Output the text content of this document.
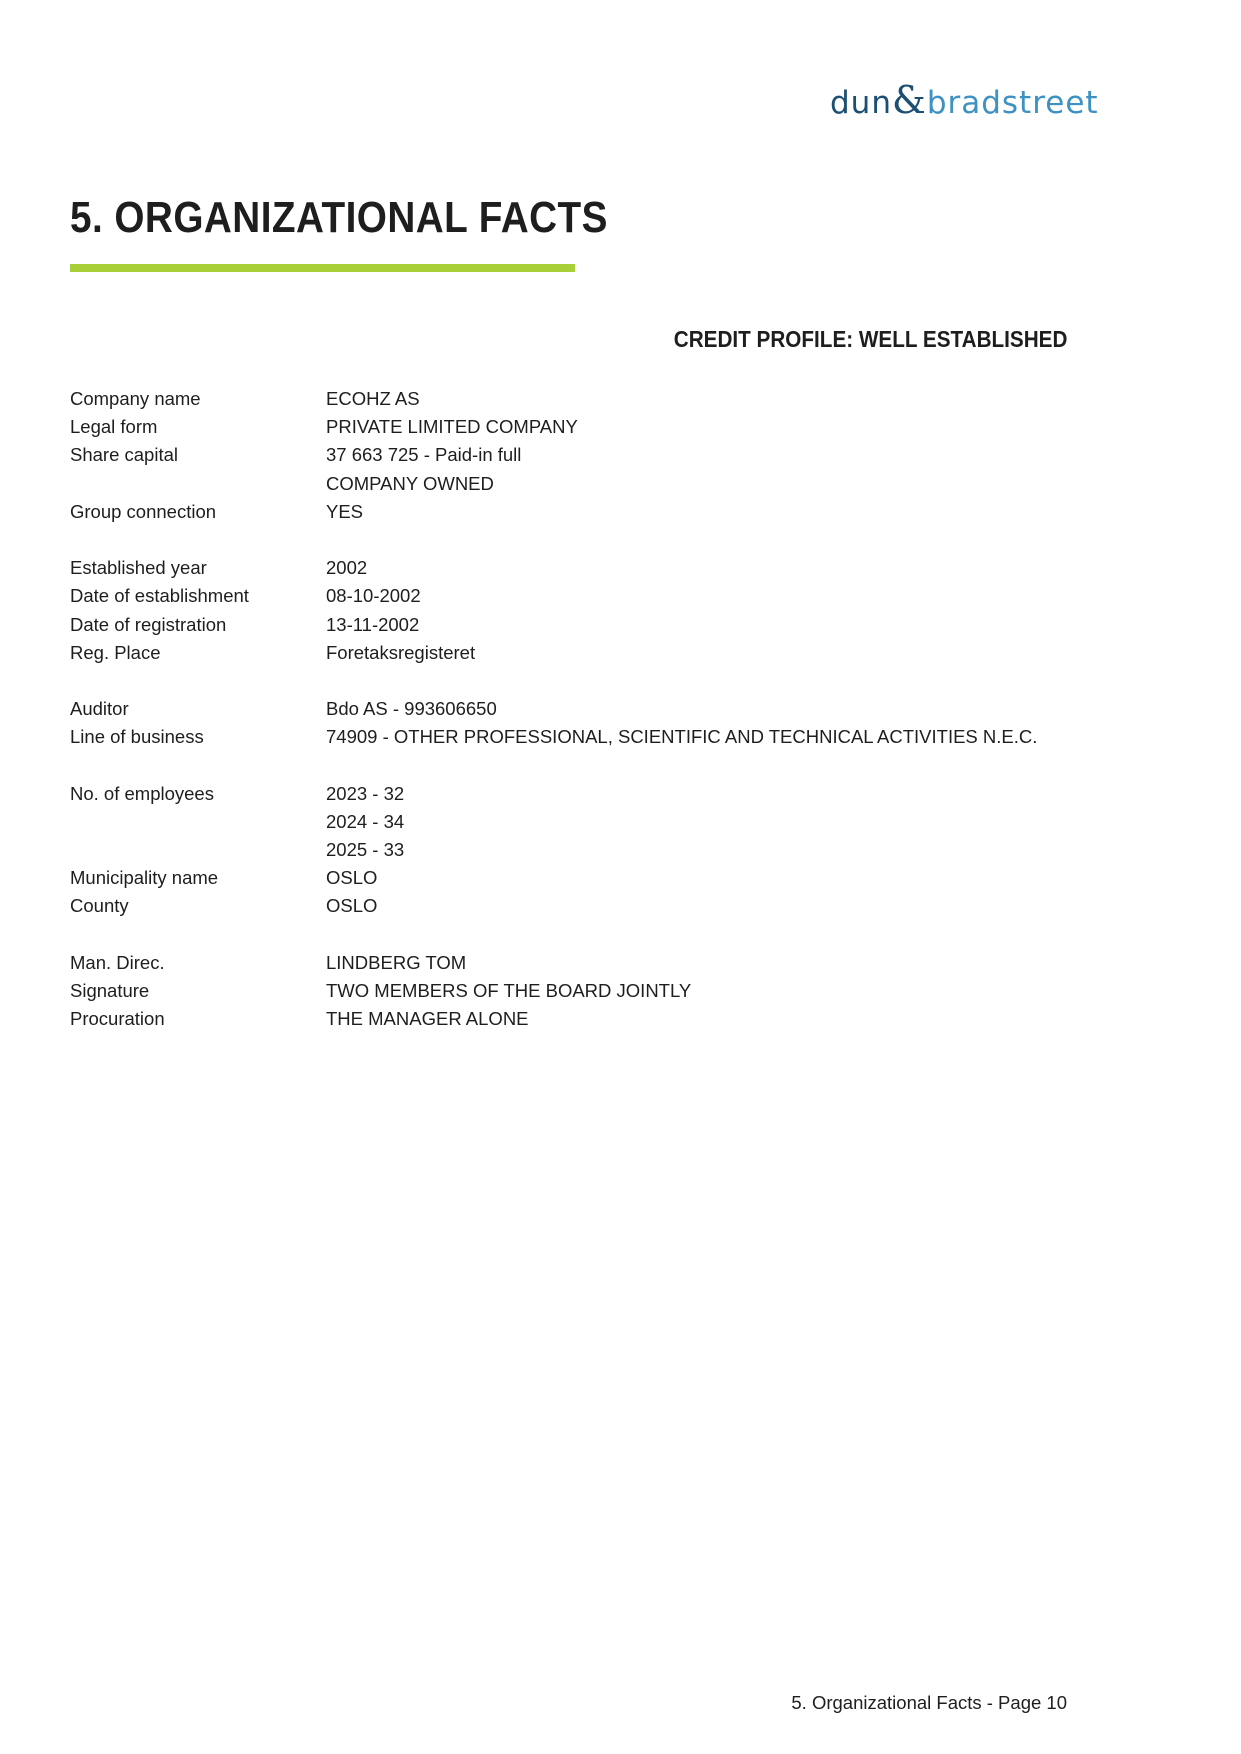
dun&bradstreet
5. ORGANIZATIONAL FACTS
CREDIT PROFILE: WELL ESTABLISHED
Company name	ECOHZ AS
Legal form	PRIVATE LIMITED COMPANY
Share capital	37 663 725 - Paid-in full
COMPANY OWNED
Group connection	YES
Established year	2002
Date of establishment	08-10-2002
Date of registration	13-11-2002
Reg. Place	Foretaksregisteret
Auditor	Bdo AS - 993606650
Line of business	74909 - OTHER PROFESSIONAL, SCIENTIFIC AND TECHNICAL ACTIVITIES N.E.C.
No. of employees	2023 - 32
2024 - 34
2025 - 33
Municipality name	OSLO
County	OSLO
Man. Direc.	LINDBERG TOM
Signature	TWO MEMBERS OF THE BOARD JOINTLY
Procuration	THE MANAGER ALONE
5. Organizational Facts - Page 10
